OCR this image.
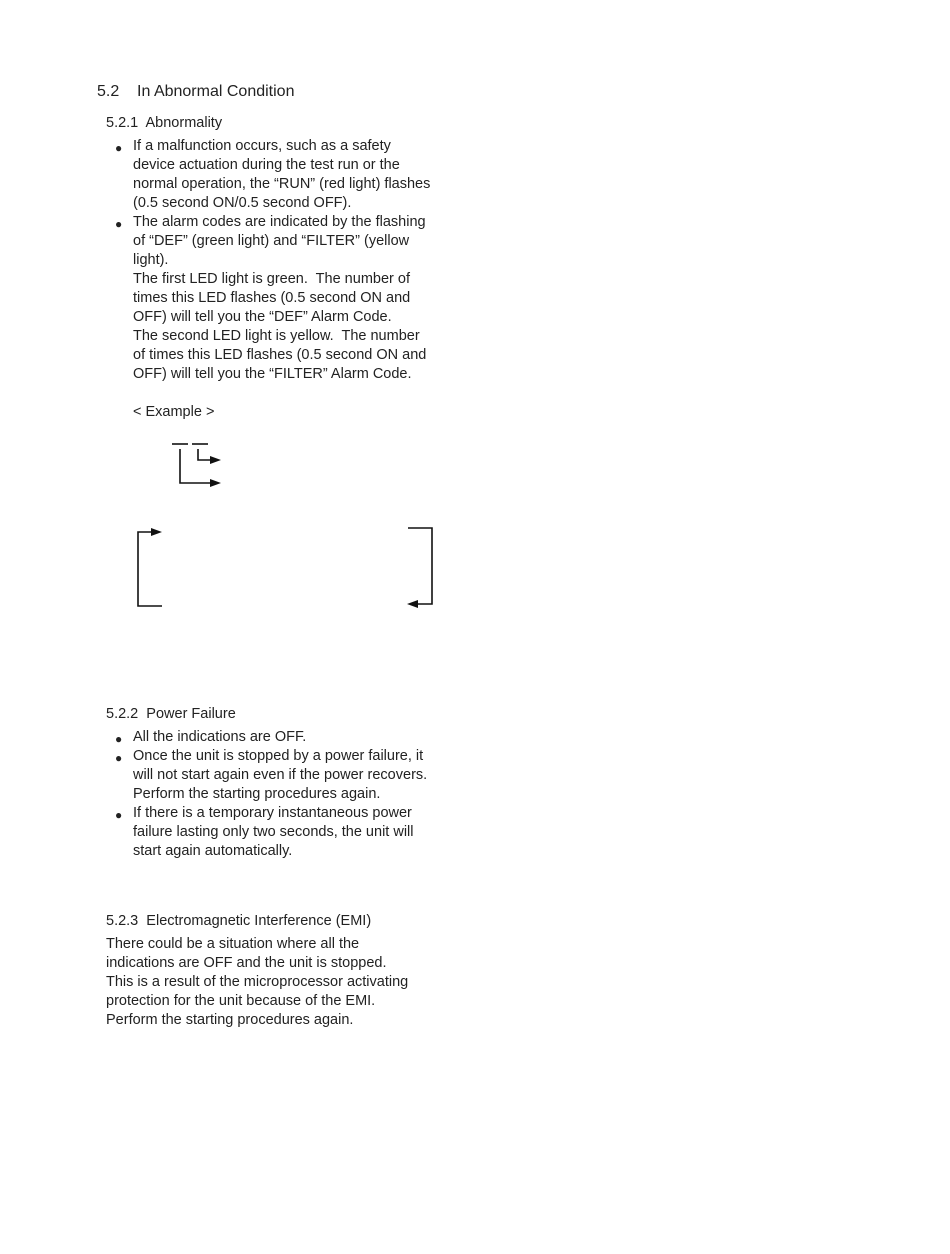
5.2 In Abnormal Condition
5.2.1  Abnormality
● If a malfunction occurs, such as a safety
device actuation during the test run or the
normal operation, the “RUN” (red light) flashes
(0.5 second ON/0.5 second OFF).
● The alarm codes are indicated by the flashing
of “DEF” (green light) and “FILTER” (yellow
light).
The first LED light is green.  The number of
times this LED flashes (0.5 second ON and
OFF) will tell you the “DEF” Alarm Code.
The second LED light is yellow.  The number
of times this LED flashes (0.5 second ON and
OFF) will tell you the “FILTER” Alarm Code.
< Example >
5.2.2  Power Failure
● All the indications are OFF.
● Once the unit is stopped by a power failure, it
will not start again even if the power recovers.
Perform the starting procedures again.
● If there is a temporary instantaneous power
failure lasting only two seconds, the unit will
start again automatically.
5.2.3  Electromagnetic Interference (EMI)
There could be a situation where all the
indications are OFF and the unit is stopped.
This is a result of the microprocessor activating
protection for the unit because of the EMI.
Perform the starting procedures again.
